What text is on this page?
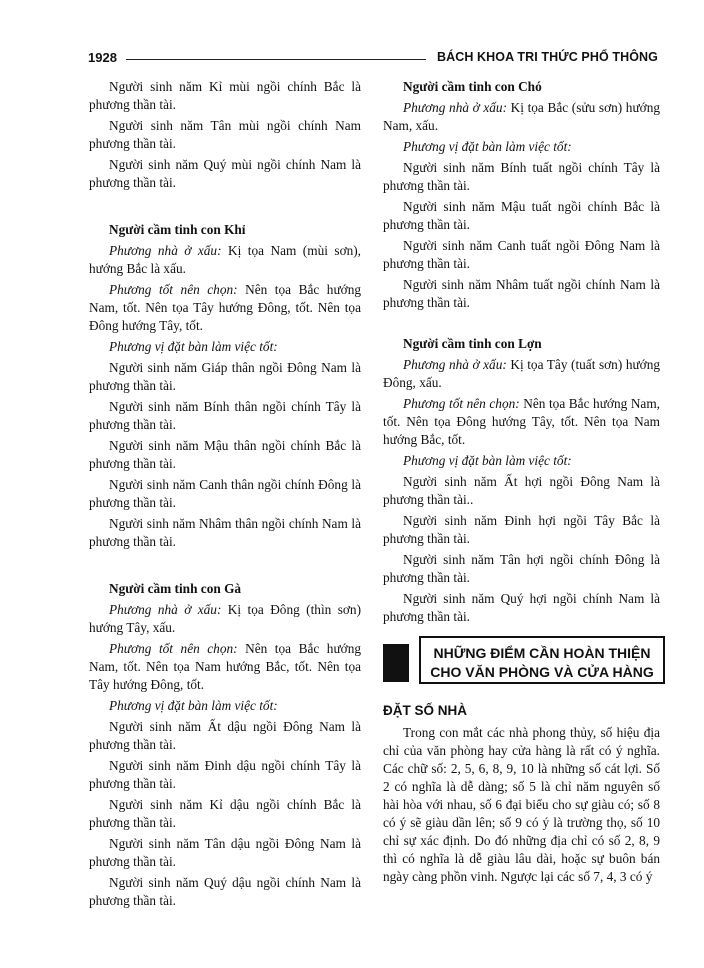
1928	BÁCH KHOA TRI THỨC PHỔ THÔNG

Người sinh năm Kỉ mùi ngồi chính Bắc là phương thần tài.

Người sinh năm Tân mùi ngồi chính Nam phương thần tài.

Người sinh năm Quý mùi ngồi chính Nam là phương thần tài.

Người cầm tinh con Khỉ

Phương nhà ở xấu: Kị tọa Nam (mùi sơn), hướng Bắc là xấu.

Phương tốt nên chọn: Nên tọa Bắc hướng Nam, tốt. Nên tọa Tây hướng Đông, tốt. Nên tọa Đông hướng Tây, tốt.

Phương vị đặt bàn làm việc tốt:

Người sinh năm Giáp thân ngồi Đông Nam là phương thần tài.

Người sinh năm Bính thân ngồi chính Tây là phương thần tài.

Người sinh năm Mậu thân ngồi chính Bắc là phương thần tài.

Người sinh năm Canh thân ngồi chính Đông là phương thần tài.

Người sinh năm Nhâm thân ngồi chính Nam là phương thần tài.

Người cầm tinh con Gà

Phương nhà ở xấu: Kị tọa Đông (thìn sơn) hướng Tây, xấu.

Phương tốt nên chọn: Nên tọa Bắc hướng Nam, tốt. Nên tọa Nam hướng Bắc, tốt. Nên tọa Tây hướng Đông, tốt.

Phương vị đặt bàn làm việc tốt:

Người sinh năm Ất dậu ngồi Đông Nam là phương thần tài.

Người sinh năm Đinh dậu ngồi chính Tây là phương thần tài.

Người sinh năm Kỉ dậu ngồi chính Bắc là phương thần tài.

Người sinh năm Tân dậu ngồi Đông Nam là phương thần tài.

Người sinh năm Quý dậu ngồi chính Nam là phương thần tài.

Người cầm tinh con Chó

Phương nhà ở xấu: Kị tọa Bắc (sửu sơn) hướng Nam, xấu.

Phương vị đặt bàn làm việc tốt:

Người sinh năm Bính tuất ngồi chính Tây là phương thần tài.

Người sinh năm Mậu tuất ngồi chính Bắc là phương thần tài.

Người sinh năm Canh tuất ngồi Đông Nam là phương thần tài.

Người sinh năm Nhâm tuất ngồi chính Nam là phương thần tài.

Người cầm tinh con Lợn

Phương nhà ở xấu: Kị tọa Tây (tuất sơn) hướng Đông, xấu.

Phương tốt nên chọn: Nên tọa Bắc hướng Nam, tốt. Nên tọa Đông hướng Tây, tốt. Nên tọa Nam hướng Bắc, tốt.

Phương vị đặt bàn làm việc tốt:

Người sinh năm Ất hợi ngồi Đông Nam là phương thần tài..

Người sinh năm Đinh hợi ngồi Tây Bắc là phương thần tài.

Người sinh năm Tân hợi ngồi chính Đông là phương thần tài.

Người sinh năm Quý hợi ngồi chính Nam là phương thần tài.

NHỮNG ĐIỂM CẦN HOÀN THIỆN
CHO VĂN PHÒNG VÀ CỬA HÀNG

ĐẶT SỐ NHÀ

Trong con mắt các nhà phong thủy, số hiệu địa chỉ của văn phòng hay cửa hàng là rất có ý nghĩa. Các chữ số: 2, 5, 6, 8, 9, 10 là những số cát lợi. Số 2 có nghĩa là dễ dàng; số 5 là chỉ năm nguyên số hài hòa với nhau, số 6 đại biểu cho sự giàu có; số 8 có ý sẽ giàu dần lên; số 9 có ý là trường thọ, số 10 chỉ sự xác định. Do đó những địa chỉ có số 2, 8, 9 thì có nghĩa là dễ giàu lâu dài, hoặc sự buôn bán ngày càng phồn vinh. Ngược lại các số 7, 4, 3 có ý
